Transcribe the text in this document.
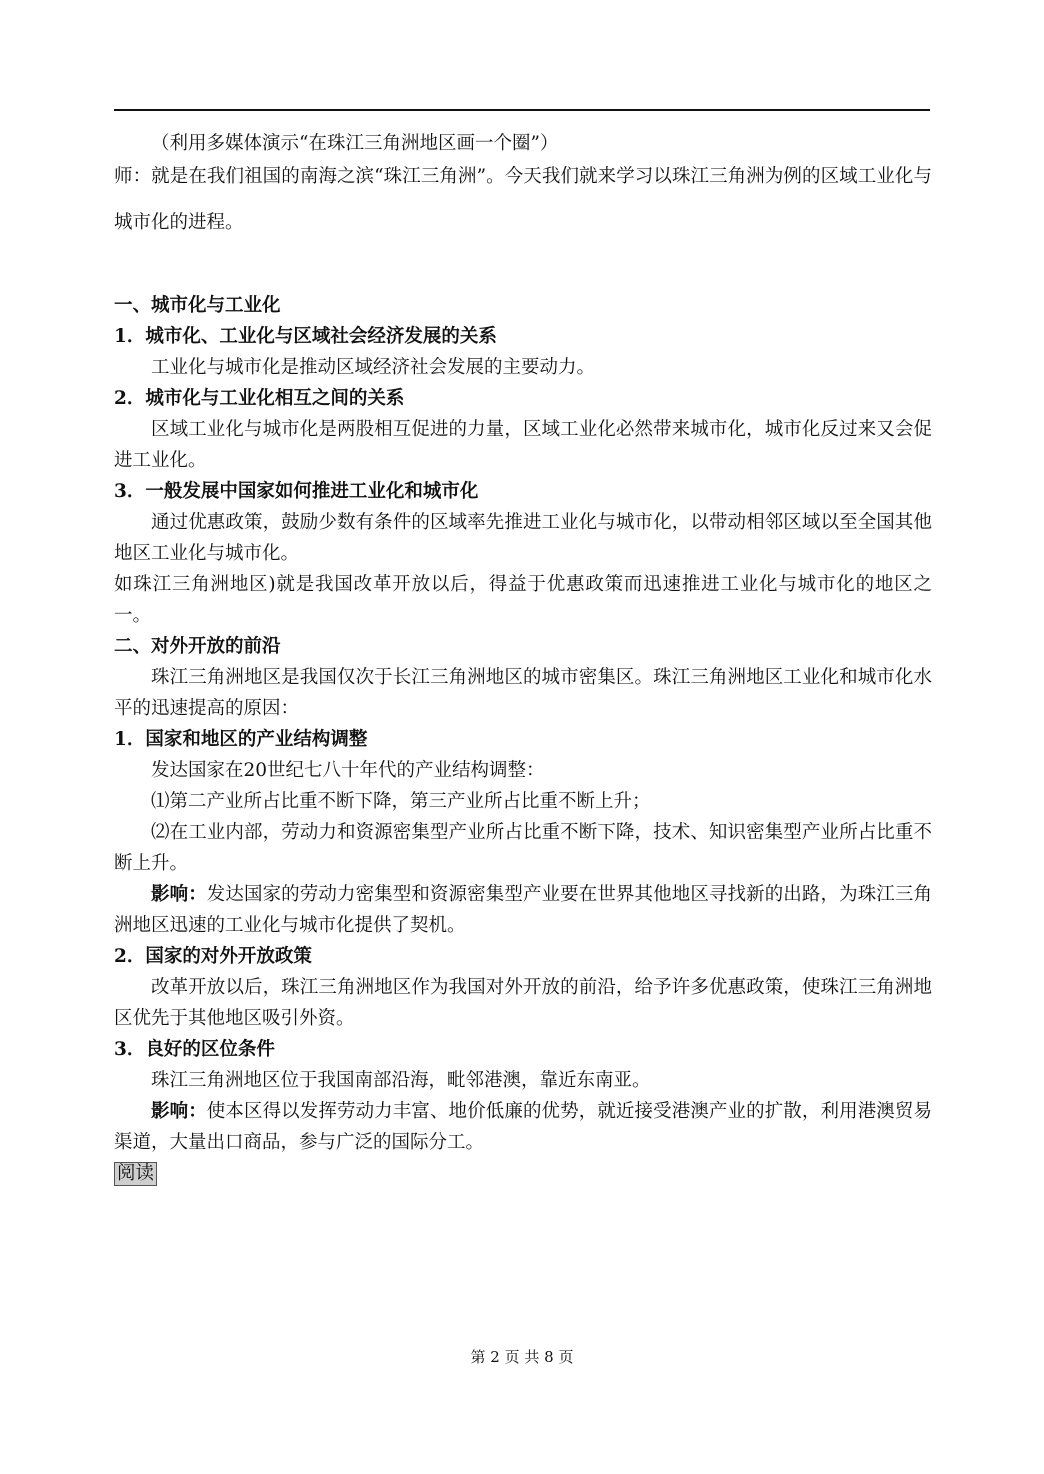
（利用多媒体演示“在珠江三角洲地区画一个圈”）

师：就是在我们祖国的南海之滨“珠江三角洲”。今天我们就来学习以珠江三角洲为例的区域工业化与城市化的进程。

一、城市化与工业化

1．城市化、工业化与区域社会经济发展的关系

工业化与城市化是推动区域经济社会发展的主要动力。

2．城市化与工业化相互之间的关系

区域工业化与城市化是两股相互促进的力量，区域工业化必然带来城市化，城市化反过来又会促进工业化。

3．一般发展中国家如何推进工业化和城市化

通过优惠政策，鼓励少数有条件的区域率先推进工业化与城市化，以带动相邻区域以至全国其他地区工业化与城市化。

如珠江三角洲地区)就是我国改革开放以后，得益于优惠政策而迅速推进工业化与城市化的地区之一。

二、对外开放的前沿

珠江三角洲地区是我国仅次于长江三角洲地区的城市密集区。珠江三角洲地区工业化和城市化水平的迅速提高的原因：

1．国家和地区的产业结构调整

发达国家在20世纪七八十年代的产业结构调整：

⑴第二产业所占比重不断下降，第三产业所占比重不断上升；

⑵在工业内部，劳动力和资源密集型产业所占比重不断下降，技术、知识密集型产业所占比重不断上升。

影响：发达国家的劳动力密集型和资源密集型产业要在世界其他地区寻找新的出路，为珠江三角洲地区迅速的工业化与城市化提供了契机。

2．国家的对外开放政策

改革开放以后，珠江三角洲地区作为我国对外开放的前沿，给予许多优惠政策，使珠江三角洲地区优先于其他地区吸引外资。

3．良好的区位条件

珠江三角洲地区位于我国南部沿海，毗邻港澳，靠近东南亚。

影响：使本区得以发挥劳动力丰富、地价低廉的优势，就近接受港澳产业的扩散，利用港澳贸易渠道，大量出口商品，参与广泛的国际分工。

阅读
第 2 页 共 8 页
